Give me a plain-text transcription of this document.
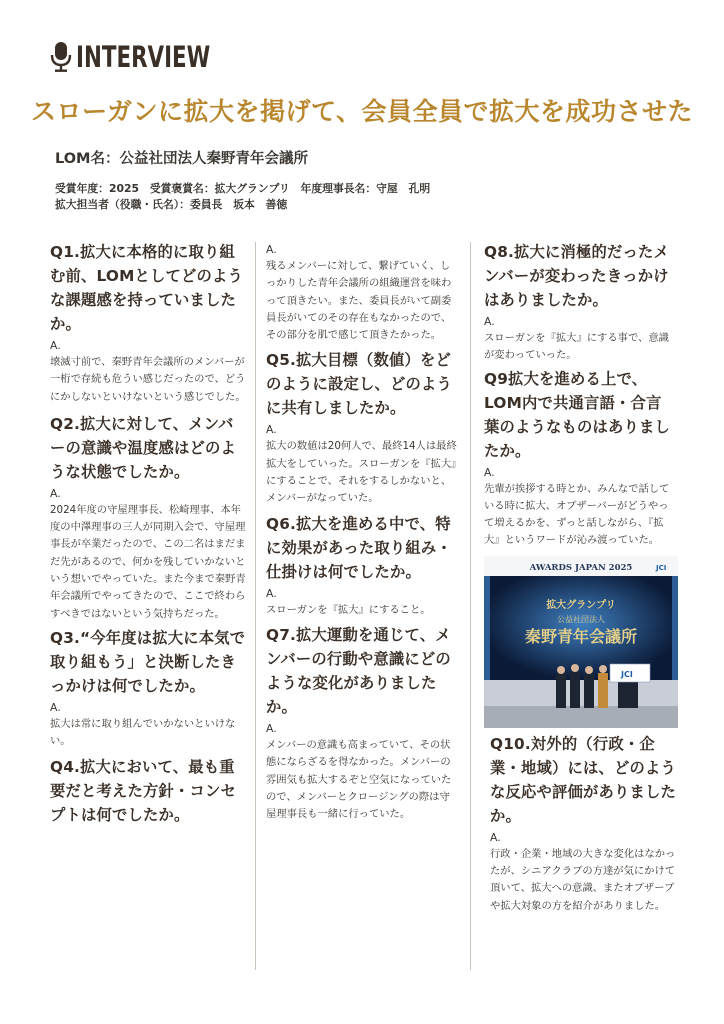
INTERVIEW
スローガンに拡大を掲げて、会員全員で拡大を成功させた
LOM名：公益社団法人秦野青年会議所
受賞年度：2025　受賞褒賞名：拡大グランプリ　年度理事長名：守屋　孔明
拡大担当者（役職・氏名）：委員長　坂本　善徳

Q1.拡大に本格的に取り組む前、LOMとしてどのような課題感を持っていましたか。

A.

壊滅寸前で、秦野青年会議所のメンバーが一桁で存続も危うい感じだったので、どうにかしないといけないという感じでした。

Q2.拡大に対して、メンバーの意識や温度感はどのような状態でしたか。

A.

2024年度の守屋理事長、松崎理事、本年度の中澤理事の三人が同期入会で、守屋理事長が卒業だったので、この二名はまだまだ先があるので、何かを残していかないという想いでやっていた。また今まで秦野青年会議所でやってきたので、ここで終わらすべきではないという気持ちだった。

Q3.“今年度は拡大に本気で取り組もう」と決断したきっかけは何でしたか。

A.

拡大は常に取り組んでいかないといけない。

Q4.拡大において、最も重要だと考えた方針・コンセプトは何でしたか。

A.

残るメンバーに対して、繋げていく、しっかりした青年会議所の組織運営を味わって頂きたい。また、委員長がいて副委員長がいてのその存在もなかったので、その部分を肌で感じて頂きたかった。

Q5.拡大目標（数値）をどのように設定し、どのように共有しましたか。

A.

拡大の数値は20何人で、最終14人は最終拡大をしていった。スローガンを『拡大』にすることで、それをするしかないと、メンバーがなっていた。

Q6.拡大を進める中で、特に効果があった取り組み・仕掛けは何でしたか。

A.

スローガンを『拡大』にすること。

Q7.拡大運動を通じて、メンバーの行動や意識にどのような変化がありましたか。

A.

メンバーの意識も高まっていて、その状態にならざるを得なかった。メンバーの雰囲気も拡大するぞと空気になっていたので、メンバーとクロージングの際は守屋理事長も一緒に行っていた。

Q8.拡大に消極的だったメンバーが変わったきっかけはありましたか。

A.

スローガンを『拡大』にする事で、意識が変わっていった。

Q9拡大を進める上で、LOM内で共通言語・合言葉のようなものはありましたか。

A.

先輩が挨拶する時とか、みんなで話している時に拡大、オブザーバーがどうやって増えるかを、ずっと話しながら、『拡大』というワードが沁み渡っていた。

AWARDS JAPAN 2025	JCI
拡大グランプリ
公益社団法人
秦野青年会議所
JCI

Q10.対外的（行政・企業・地域）には、どのような反応や評価がありましたか。

A.

行政・企業・地域の大きな変化はなかったが、シニアクラブの方達が気にかけて頂いて、拡大への意識、またオブザーブや拡大対象の方を紹介がありました。
